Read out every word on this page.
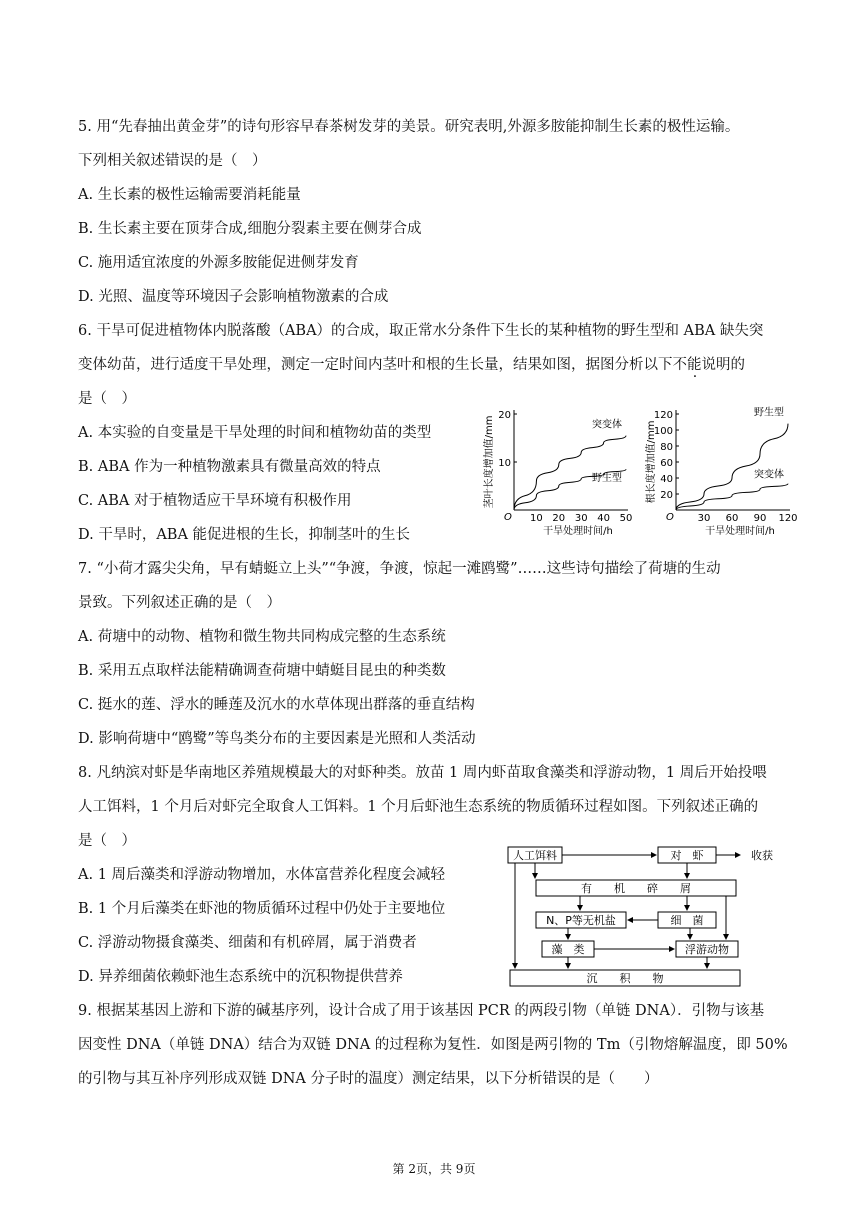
5. 用“先春抽出黄金芽”的诗句形容早春茶树发芽的美景。研究表明,外源多胺能抑制生长素的极性运输。
下列相关叙述错误的是（　）
A. 生长素的极性运输需要消耗能量
B. 生长素主要在顶芽合成,细胞分裂素主要在侧芽合成
C. 施用适宜浓度的外源多胺能促进侧芽发育
D. 光照、温度等环境因子会影响植物激素的合成
6. 干旱可促进植物体内脱落酸（ABA）的合成，取正常水分条件下生长的某种植物的野生型和 ABA 缺失突
变体幼苗，进行适度干旱处理，测定一定时间内茎叶和根的生长量，结果如图，据图分析以下不能说明的
是（　）
A. 本实验的自变量是干旱处理的时间和植物幼苗的类型
B. ABA 作为一种植物激素具有微量高效的特点
C. ABA 对于植物适应干旱环境有积极作用
D. 干旱时，ABA 能促进根的生长，抑制茎叶的生长
O
茎叶长度增加值/mm
干旱处理时间/h
10 20 30 40 50
10
20
突变体
野生型
O
根长度增加值/mm
干旱处理时间/h
30 60 90 120
20
40
60
80
100
120	野生型
突变体
7. “小荷才露尖尖角，早有蜻蜓立上头”“争渡，争渡，惊起一滩鸥鹭”……这些诗句描绘了荷塘的生动
景致。下列叙述正确的是（　）
A. 荷塘中的动物、植物和微生物共同构成完整的生态系统
B. 采用五点取样法能精确调查荷塘中蜻蜓目昆虫的种类数
C. 挺水的莲、浮水的睡莲及沉水的水草体现出群落的垂直结构
D. 影响荷塘中“鸥鹭”等鸟类分布的主要因素是光照和人类活动
8. 凡纳滨对虾是华南地区养殖规模最大的对虾种类。放苗 1 周内虾苗取食藻类和浮游动物，1 周后开始投喂
人工饵料，1 个月后对虾完全取食人工饵料。1 个月后虾池生态系统的物质循环过程如图。下列叙述正确的
是（　）
A. 1 周后藻类和浮游动物增加，水体富营养化程度会减轻
B. 1 个月后藻类在虾池的物质循环过程中仍处于主要地位
C. 浮游动物摄食藻类、细菌和有机碎屑，属于消费者
D. 异养细菌依赖虾池生态系统中的沉积物提供营养
人工饵料	对　虾	收获
有　　机　　碎　　屑
N、P等无机盐	细　菌
藻　类	浮游动物
沉　　积　　物
9. 根据某基因上游和下游的碱基序列，设计合成了用于该基因 PCR 的两段引物（单链 DNA）．引物与该基
因变性 DNA（单链 DNA）结合为双链 DNA 的过程称为复性．如图是两引物的 Tm（引物熔解温度，即 50%
的引物与其互补序列形成双链 DNA 分子时的温度）测定结果，以下分析错误的是（　　）
第 2页，共 9页
